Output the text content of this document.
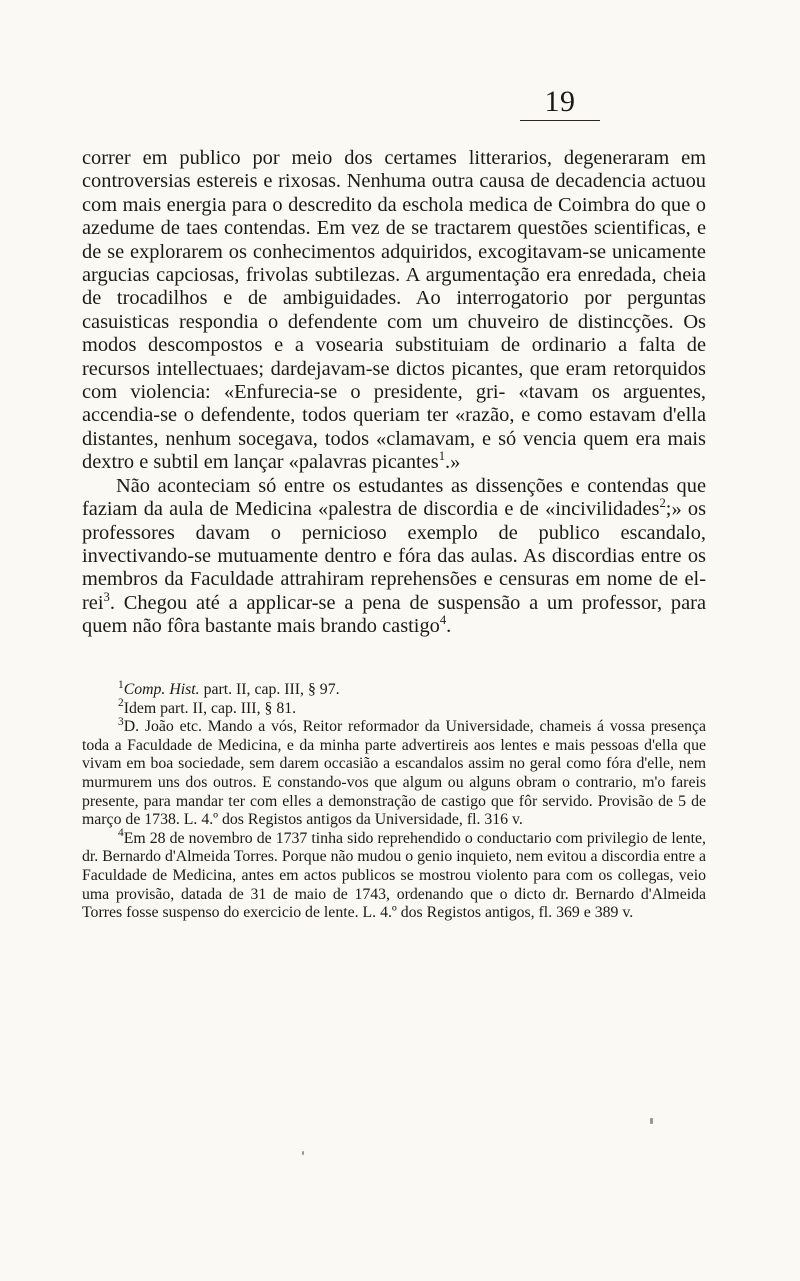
19

correr em publico por meio dos certames litterarios, degeneraram em controversias estereis e rixosas. Nenhuma outra causa de decadencia actuou com mais energia para o descredito da eschola medica de Coimbra do que o azedume de taes contendas. Em vez de se tractarem questões scientificas, e de se explorarem os conhecimentos adquiridos, excogitavam-se unicamente argucias capciosas, frivolas subtilezas. A argumentação era enredada, cheia de trocadilhos e de ambiguidades. Ao interrogatorio por perguntas casuisticas respondia o defendente com um chuveiro de distincções. Os modos descompostos e a vosearia substituiam de ordinario a falta de recursos intellectuaes; dardejavam-se dictos picantes, que eram retorquidos com violencia: «Enfurecia-se o presidente, gri- «tavam os arguentes, accendia-se o defendente, todos queriam ter «razão, e como estavam d'ella distantes, nenhum socegava, todos «clamavam, e só vencia quem era mais dextro e subtil em lançar «palavras picantes$^1$.»

Não aconteciam só entre os estudantes as dissenções e contendas que faziam da aula de Medicina «palestra de discordia e de «incivilidades$^2$;» os professores davam o pernicioso exemplo de publico escandalo, invectivando-se mutuamente dentro e fóra das aulas. As discordias entre os membros da Faculdade attrahiram reprehensões e censuras em nome de el-rei$^3$. Chegou até a applicar-se a pena de suspensão a um professor, para quem não fôra bastante mais brando castigo$^4$.

1Comp. Hist. part. II, cap. III, § 97.

2Idem part. II, cap. III, § 81.

3D. João etc. Mando a vós, Reitor reformador da Universidade, chameis á vossa presença toda a Faculdade de Medicina, e da minha parte advertireis aos lentes e mais pessoas d'ella que vivam em boa sociedade, sem darem occasião a escandalos assim no geral como fóra d'elle, nem murmurem uns dos outros. E constando-vos que algum ou alguns obram o contrario, m'o fareis presente, para mandar ter com elles a demonstração de castigo que fôr servido. Provisão de 5 de março de 1738. L. 4.º dos Registos antigos da Universidade, fl. 316 v.

4Em 28 de novembro de 1737 tinha sido reprehendido o conductario com privilegio de lente, dr. Bernardo d'Almeida Torres. Porque não mudou o genio inquieto, nem evitou a discordia entre a Faculdade de Medicina, antes em actos publicos se mostrou violento para com os collegas, veio uma provisão, datada de 31 de maio de 1743, ordenando que o dicto dr. Bernardo d'Almeida Torres fosse suspenso do exercicio de lente. L. 4.º dos Registos antigos, fl. 369 e 389 v.
